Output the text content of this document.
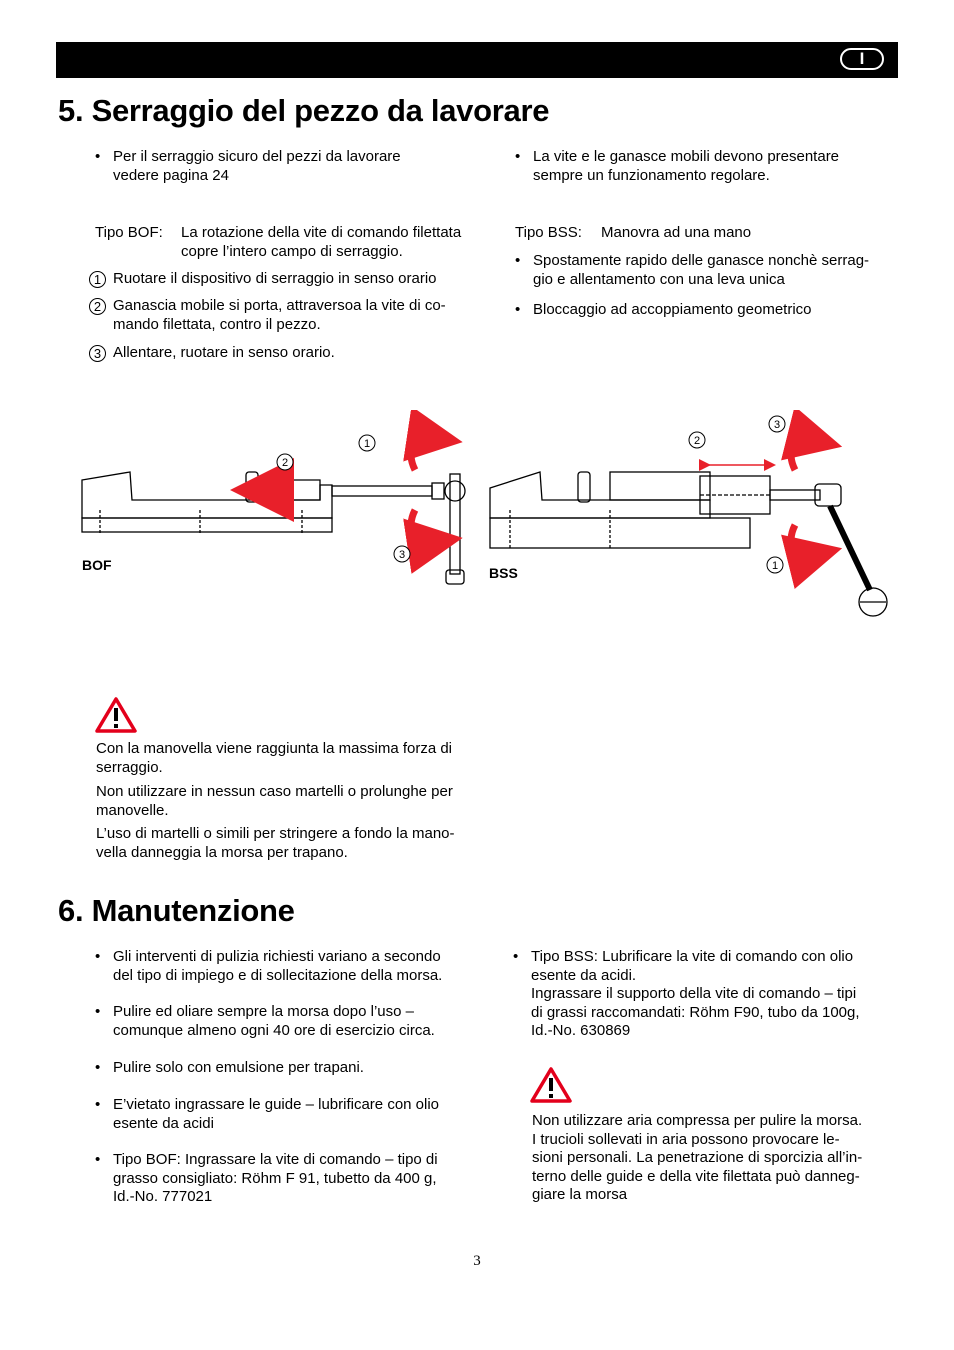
I
5. Serraggio del pezzo da lavorare
• Per il serraggio sicuro del pezzi da lavorare
vedere pagina 24
• La vite e le ganasce mobili devono presentare
sempre un funzionamento regolare.
Tipo BOF: La rotazione della vite di comando filettata
copre l’intero campo di serraggio.
1 Ruotare il dispositivo di serraggio in senso orario
2 Ganascia mobile si porta, attraversoa la vite di co-
mando filettata, contro il pezzo.
3 Allentare, ruotare in senso orario.
Tipo BSS: Manovra ad una mano
• Spostamente rapido delle ganasce nonchè serrag-
gio e allentamento con una leva unica
• Bloccaggio ad accoppiamento geometrico
1
2
3
BOF	1
2
3
BSS
Con la manovella viene raggiunta la massima forza di
serraggio.
Non utilizzare in nessun caso martelli o prolunghe per
manovelle.
L’uso di martelli o simili per stringere a fondo la mano-
vella danneggia la morsa per trapano.
6. Manutenzione
• Gli interventi di pulizia richiesti variano a secondo
del tipo di impiego e di sollecitazione della morsa.
• Pulire ed oliare sempre la morsa dopo l’uso –
comunque almeno ogni 40 ore di esercizio circa.
• Pulire solo con emulsione per trapani.
• E’vietato ingrassare le guide – lubrificare con olio
esente da acidi
• Tipo BOF: Ingrassare la vite di comando – tipo di
grasso consigliato: Röhm F 91, tubetto da 400 g,
Id.-No. 777021
• Tipo BSS: Lubrificare la vite di comando con olio
esente da acidi.
Ingrassare il supporto della vite di comando – tipi
di grassi raccomandati: Röhm F90, tubo da 100g,
Id.-No. 630869
Non utilizzare aria compressa per pulire la morsa.
I trucioli sollevati in aria possono provocare le-
sioni personali. La penetrazione di sporcizia all’in-
terno delle guide e della vite filettata può danneg-
giare la morsa
3
